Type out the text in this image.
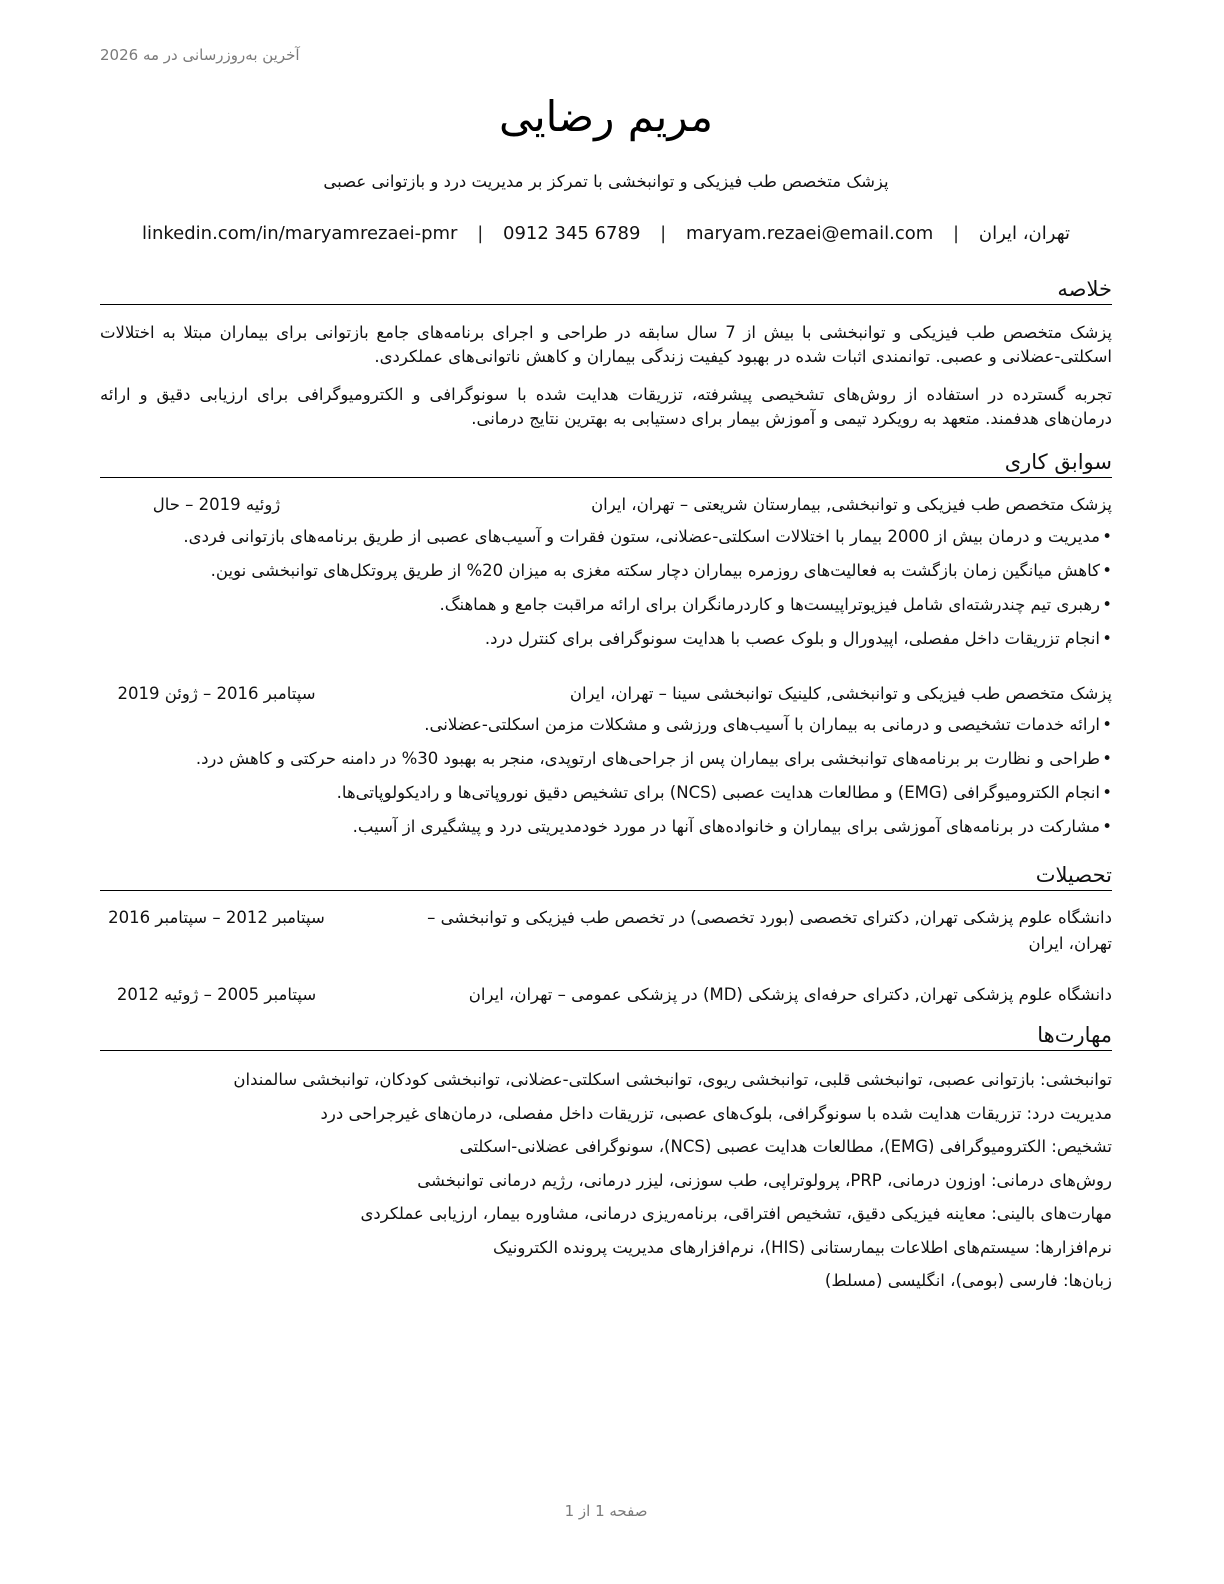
آخرین به‌روزرسانی در مه 2026
مریم رضایی
پزشک متخصص طب فیزیکی و توانبخشی با تمرکز بر مدیریت درد و بازتوانی عصبی
تهران، ایران | maryam.rezaei@email.com | 0912 345 6789 | linkedin.com/in/maryamrezaei-pmr
خلاصه
پزشک متخصص طب فیزیکی و توانبخشی با بیش از 7 سال سابقه در طراحی و اجرای برنامه‌های جامع بازتوانی برای بیماران مبتلا به اختلالات اسکلتی-عضلانی و عصبی. توانمندی اثبات شده در بهبود کیفیت زندگی بیماران و کاهش ناتوانی‌های عملکردی.
تجربه گسترده در استفاده از روش‌های تشخیصی پیشرفته، تزریقات هدایت شده با سونوگرافی و الکترومیوگرافی برای ارزیابی دقیق و ارائه درمان‌های هدفمند. متعهد به رویکرد تیمی و آموزش بیمار برای دستیابی به بهترین نتایج درمانی.
سوابق کاری
پزشک متخصص طب فیزیکی و توانبخشی, بیمارستان شریعتی – تهران، ایران
ژوئیه 2019 – حال
•مدیریت و درمان بیش از 2000 بیمار با اختلالات اسکلتی-عضلانی، ستون فقرات و آسیب‌های عصبی از طریق برنامه‌های بازتوانی فردی.
•کاهش میانگین زمان بازگشت به فعالیت‌های روزمره بیماران دچار سکته مغزی به میزان 20% از طریق پروتکل‌های توانبخشی نوین.
•رهبری تیم چندرشته‌ای شامل فیزیوتراپیست‌ها و کاردرمانگران برای ارائه مراقبت جامع و هماهنگ.
•انجام تزریقات داخل مفصلی، اپیدورال و بلوک عصب با هدایت سونوگرافی برای کنترل درد.
پزشک متخصص طب فیزیکی و توانبخشی, کلینیک توانبخشی سینا – تهران، ایران
سپتامبر 2016 – ژوئن 2019
•ارائه خدمات تشخیصی و درمانی به بیماران با آسیب‌های ورزشی و مشکلات مزمن اسکلتی-عضلانی.
•طراحی و نظارت بر برنامه‌های توانبخشی برای بیماران پس از جراحی‌های ارتوپدی، منجر به بهبود 30% در دامنه حرکتی و کاهش درد.
•انجام الکترومیوگرافی (EMG) و مطالعات هدایت عصبی (NCS) برای تشخیص دقیق نوروپاتی‌ها و رادیکولوپاتی‌ها.
•مشارکت در برنامه‌های آموزشی برای بیماران و خانواده‌های آنها در مورد خودمدیریتی درد و پیشگیری از آسیب.
تحصیلات
دانشگاه علوم پزشکی تهران, دکترای تخصصی (بورد تخصصی) در تخصص طب فیزیکی و توانبخشی – تهران، ایران
سپتامبر 2012 – سپتامبر 2016
دانشگاه علوم پزشکی تهران, دکترای حرفه‌ای پزشکی (MD) در پزشکی عمومی – تهران، ایران
سپتامبر 2005 – ژوئیه 2012
مهارت‌ها
توانبخشی: بازتوانی عصبی، توانبخشی قلبی، توانبخشی ریوی، توانبخشی اسکلتی-عضلانی، توانبخشی کودکان، توانبخشی سالمندان
مدیریت درد: تزریقات هدایت شده با سونوگرافی، بلوک‌های عصبی، تزریقات داخل مفصلی، درمان‌های غیرجراحی درد
تشخیص: الکترومیوگرافی (EMG)، مطالعات هدایت عصبی (NCS)، سونوگرافی عضلانی-اسکلتی
روش‌های درمانی: اوزون درمانی، PRP، پرولوتراپی، طب سوزنی، لیزر درمانی، رژیم درمانی توانبخشی
مهارت‌های بالینی: معاینه فیزیکی دقیق، تشخیص افتراقی، برنامه‌ریزی درمانی، مشاوره بیمار، ارزیابی عملکردی
نرم‌افزارها: سیستم‌های اطلاعات بیمارستانی (HIS)، نرم‌افزارهای مدیریت پرونده الکترونیک
زبان‌ها: فارسی (بومی)، انگلیسی (مسلط)
صفحه 1 از 1
